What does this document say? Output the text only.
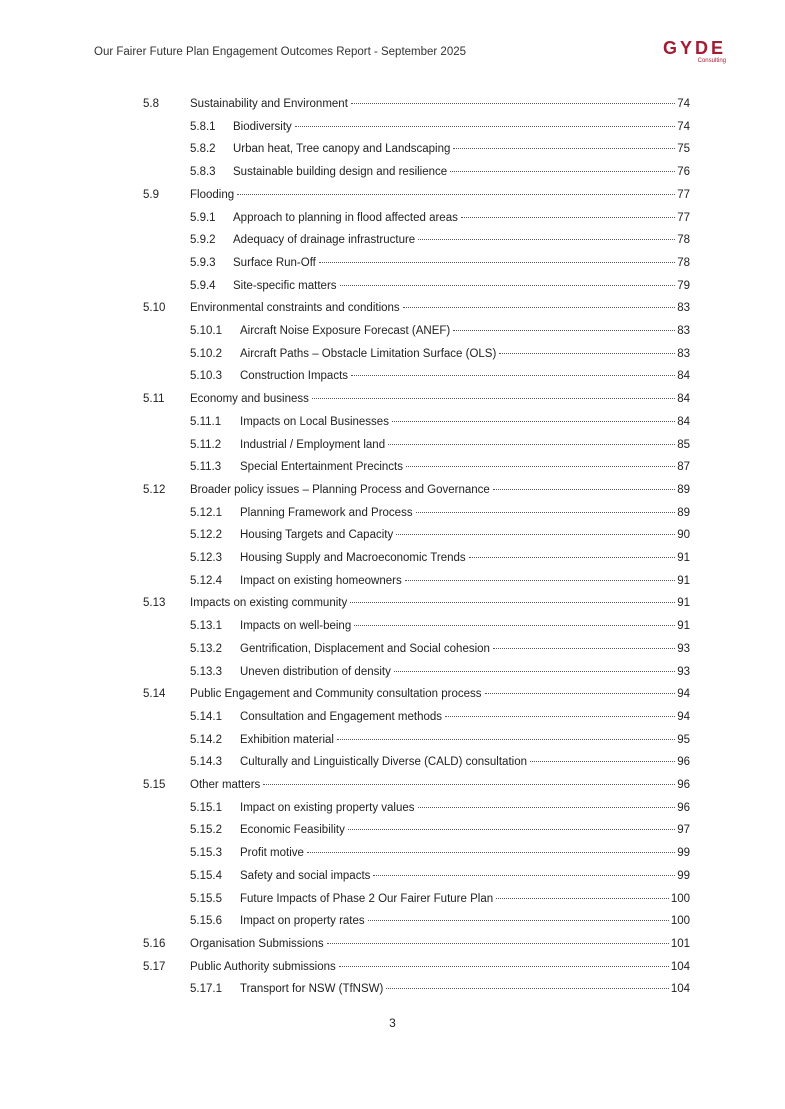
Our Fairer Future Plan Engagement Outcomes Report - September 2025	GYDE
Consulting
5.8	Sustainability and Environment	74
5.8.1 Biodiversity	74
5.8.2 Urban heat, Tree canopy and Landscaping	75
5.8.3 Sustainable building design and resilience	76
5.9	Flooding	77
5.9.1 Approach to planning in flood affected areas	77
5.9.2 Adequacy of drainage infrastructure	78
5.9.3 Surface Run-Off	78
5.9.4 Site-specific matters	79
5.10 Environmental constraints and conditions	83
5.10.1 Aircraft Noise Exposure Forecast (ANEF)	83
5.10.2 Aircraft Paths – Obstacle Limitation Surface (OLS)	83
5.10.3 Construction Impacts	84
5.11 Economy and business	84
5.11.1 Impacts on Local Businesses	84
5.11.2 Industrial / Employment land	85
5.11.3 Special Entertainment Precincts	87
5.12 Broader policy issues – Planning Process and Governance	89
5.12.1 Planning Framework and Process	89
5.12.2 Housing Targets and Capacity	90
5.12.3 Housing Supply and Macroeconomic Trends	91
5.12.4 Impact on existing homeowners	91
5.13 Impacts on existing community	91
5.13.1 Impacts on well-being	91
5.13.2 Gentrification, Displacement and Social cohesion	93
5.13.3 Uneven distribution of density	93
5.14 Public Engagement and Community consultation process	94
5.14.1 Consultation and Engagement methods	94
5.14.2 Exhibition material	95
5.14.3 Culturally and Linguistically Diverse (CALD) consultation	96
5.15 Other matters	96
5.15.1 Impact on existing property values	96
5.15.2 Economic Feasibility	97
5.15.3 Profit motive	99
5.15.4 Safety and social impacts	99
5.15.5 Future Impacts of Phase 2 Our Fairer Future Plan	100
5.15.6 Impact on property rates	100
5.16 Organisation Submissions	101
5.17 Public Authority submissions	104
5.17.1 Transport for NSW (TfNSW)	104
3
